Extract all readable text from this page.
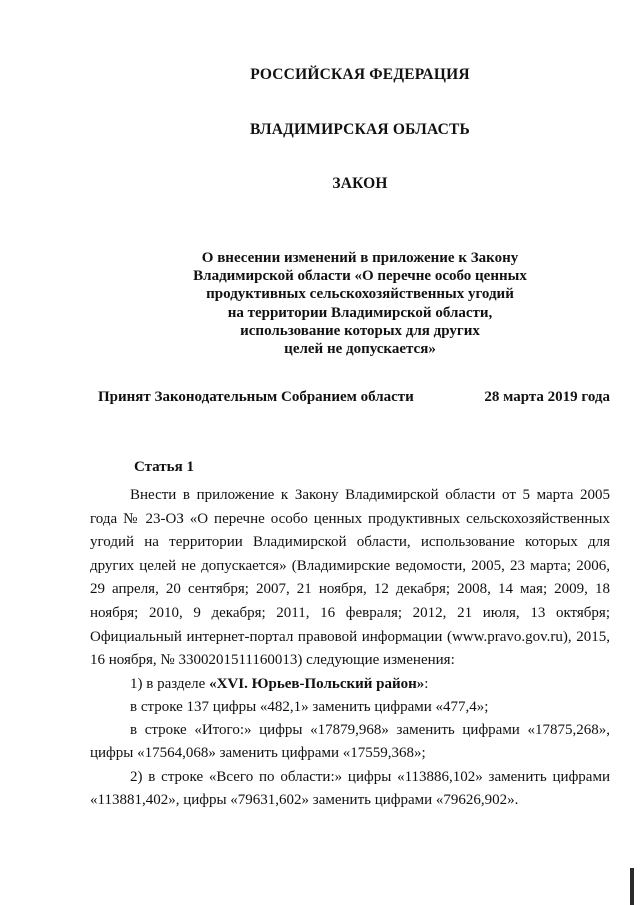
РОССИЙСКАЯ ФЕДЕРАЦИЯ
ВЛАДИМИРСКАЯ ОБЛАСТЬ
ЗАКОН
О внесении изменений в приложение к Закону
Владимирской области «О перечне особо ценных
продуктивных сельскохозяйственных угодий
на территории Владимирской области,
использование которых для других
целей не допускается»
Принят Законодательным Собранием области	28 марта 2019 года
Статья 1

Внести в приложение к Закону Владимирской области от 5 марта 2005 года № 23-ОЗ «О перечне особо ценных продуктивных сельскохозяйственных угодий на территории Владимирской области, использование которых для других целей не допускается» (Владимирские ведомости, 2005, 23 марта; 2006, 29 апреля, 20 сентября; 2007, 21 ноября, 12 декабря; 2008, 14 мая; 2009, 18 ноября; 2010, 9 декабря; 2011, 16 февраля; 2012, 21 июля, 13 октября; Официальный интернет-портал правовой информации (www.pravo.gov.ru), 2015, 16 ноября, № 3300201511160013) следующие изменения:

1) в разделе «XVI. Юрьев-Польский район»:

в строке 137 цифры «482,1» заменить цифрами «477,4»;

в строке «Итого:» цифры «17879,968» заменить цифрами «17875,268», цифры «17564,068» заменить цифрами «17559,368»;

2) в строке «Всего по области:» цифры «113886,102» заменить цифрами «113881,402», цифры «79631,602» заменить цифрами «79626,902».
